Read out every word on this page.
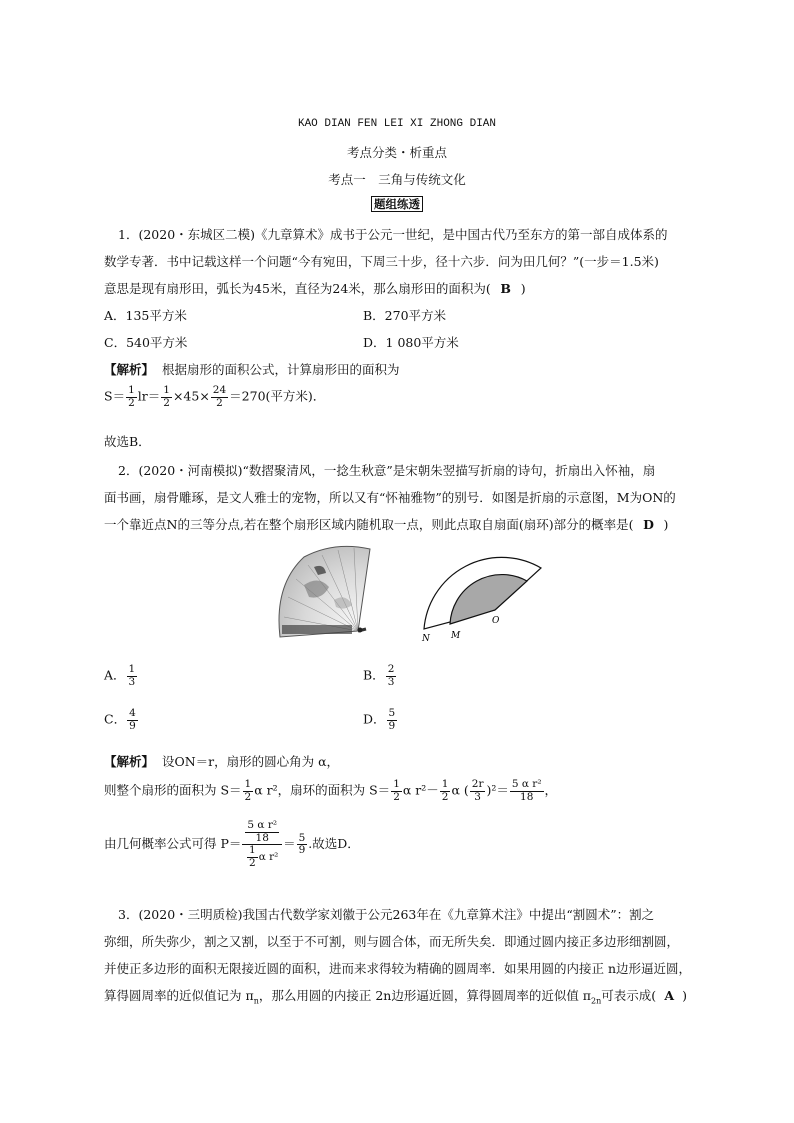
KAO DIAN FEN LEI XI ZHONG DIAN
考点分类・析重点
考点一　三角与传统文化
题组练透
1．(2020・东城区二模)《九章算术》成书于公元一世纪，是中国古代乃至东方的第一部自成体系的
数学专著．书中记载这样一个问题“今有宛田，下周三十步，径十六步．问为田几何？”(一步＝1.5米)
意思是现有扇形田，弧长为45米，直径为24米，那么扇形田的面积为( B )
A．135平方米	B．270平方米
C．540平方米	D．1 080平方米
【解析】 根据扇形的面积公式，计算扇形田的面积为
$S= \frac{1}{2} lr= \frac{1}{2} \times 45\times \frac{24}{2} =270$(平方米)．
故选B．
2．(2020・河南模拟)“数摺聚清风，一捻生秋意”是宋朝朱翌描写折扇的诗句，折扇出入怀袖，扇
面书画，扇骨雕琢，是文人雅士的宠物，所以又有“怀袖雅物”的别号．如图是折扇的示意图，M为ON的
一个靠近点N的三等分点,若在整个扇形区域内随机取一点，则此点取自扇面(扇环)部分的概率是( D )
N M
O
A． $\frac{1}{3}$	B． $\frac{2}{3}$
C． $\frac{4}{9}$	D． $\frac{5}{9}$
【解析】 设ON＝r，扇形的圆心角为 α，
则整个扇形的面积为 $S= \frac{1}{2}$ α r²，扇环的面积为 $S= \frac{1}{2}$ α $r^2- \frac{1}{2}$ α ( $\frac{2r}{3} )^2= \frac{\text{5 α r²}}{18}$ ，
由几何概率公式可得 $P= \frac{\frac{\text{5 α r²}}{18}}{\frac{1}{2} \alpha r^2} = \frac{5}{9}$ .故选D．
3．(2020・三明质检)我国古代数学家刘徽于公元263年在《九章算术注》中提出“割圆术”：割之
弥细，所失弥少，割之又割，以至于不可割，则与圆合体，而无所失矣．即通过圆内接正多边形细割圆，
并使正多边形的面积无限接近圆的面积，进而来求得较为精确的圆周率．如果用圆的内接正 n边形逼近圆，
算得圆周率的近似值记为 $\pi_n$，那么用圆的内接正 2n边形逼近圆，算得圆周率的近似值 $\pi_{2n}$可表示成( A )
